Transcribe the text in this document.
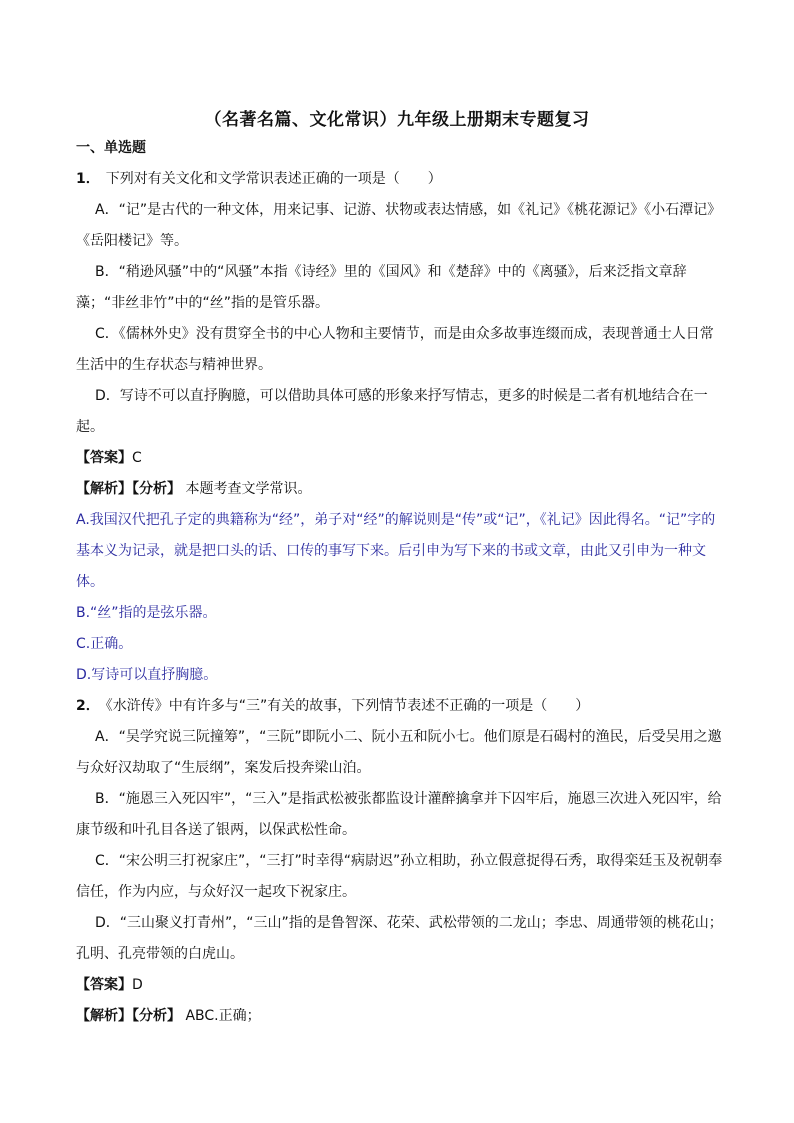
（名著名篇、文化常识）九年级上册期末专题复习
一、单选题

1． 下列对有关文化和文学常识表述正确的一项是（　　）

A．“记”是古代的一种文体，用来记事、记游、状物或表达情感，如《礼记》《桃花源记》《小石潭记》《岳阳楼记》等。

B．“稍逊风骚”中的“风骚”本指《诗经》里的《国风》和《楚辞》中的《离骚》，后来泛指文章辞藻；“非丝非竹”中的“丝”指的是管乐器。

C．《儒林外史》没有贯穿全书的中心人物和主要情节，而是由众多故事连缀而成，表现普通士人日常生活中的生存状态与精神世界。

D．写诗不可以直抒胸臆，可以借助具体可感的形象来抒写情志，更多的时候是二者有机地结合在一起。

【答案】C

【解析】【分析】 本题考查文学常识。

A.我国汉代把孔子定的典籍称为“经”，弟子对“经”的解说则是“传”或“记”，《礼记》因此得名。“记”字的基本义为记录，就是把口头的话、口传的事写下来。后引申为写下来的书或文章，由此又引申为一种文体。

B.“丝”指的是弦乐器。

C.正确。

D.写诗可以直抒胸臆。

2． 《水浒传》中有许多与“三”有关的故事，下列情节表述不正确的一项是（　　）

A．“吴学究说三阮撞筹”，“三阮”即阮小二、阮小五和阮小七。他们原是石碣村的渔民，后受吴用之邀与众好汉劫取了“生辰纲”，案发后投奔梁山泊。

B．“施恩三入死囚牢”，“三入”是指武松被张都监设计灌醉擒拿并下囚牢后，施恩三次进入死囚牢，给康节级和叶孔目各送了银两，以保武松性命。

C．“宋公明三打祝家庄”，“三打”时幸得“病尉迟”孙立相助，孙立假意捉得石秀，取得栾廷玉及祝朝奉信任，作为内应，与众好汉一起攻下祝家庄。

D．“三山聚义打青州”，“三山”指的是鲁智深、花荣、武松带领的二龙山；李忠、周通带领的桃花山；孔明、孔亮带领的白虎山。

【答案】D

【解析】【分析】 ABC.正确；
